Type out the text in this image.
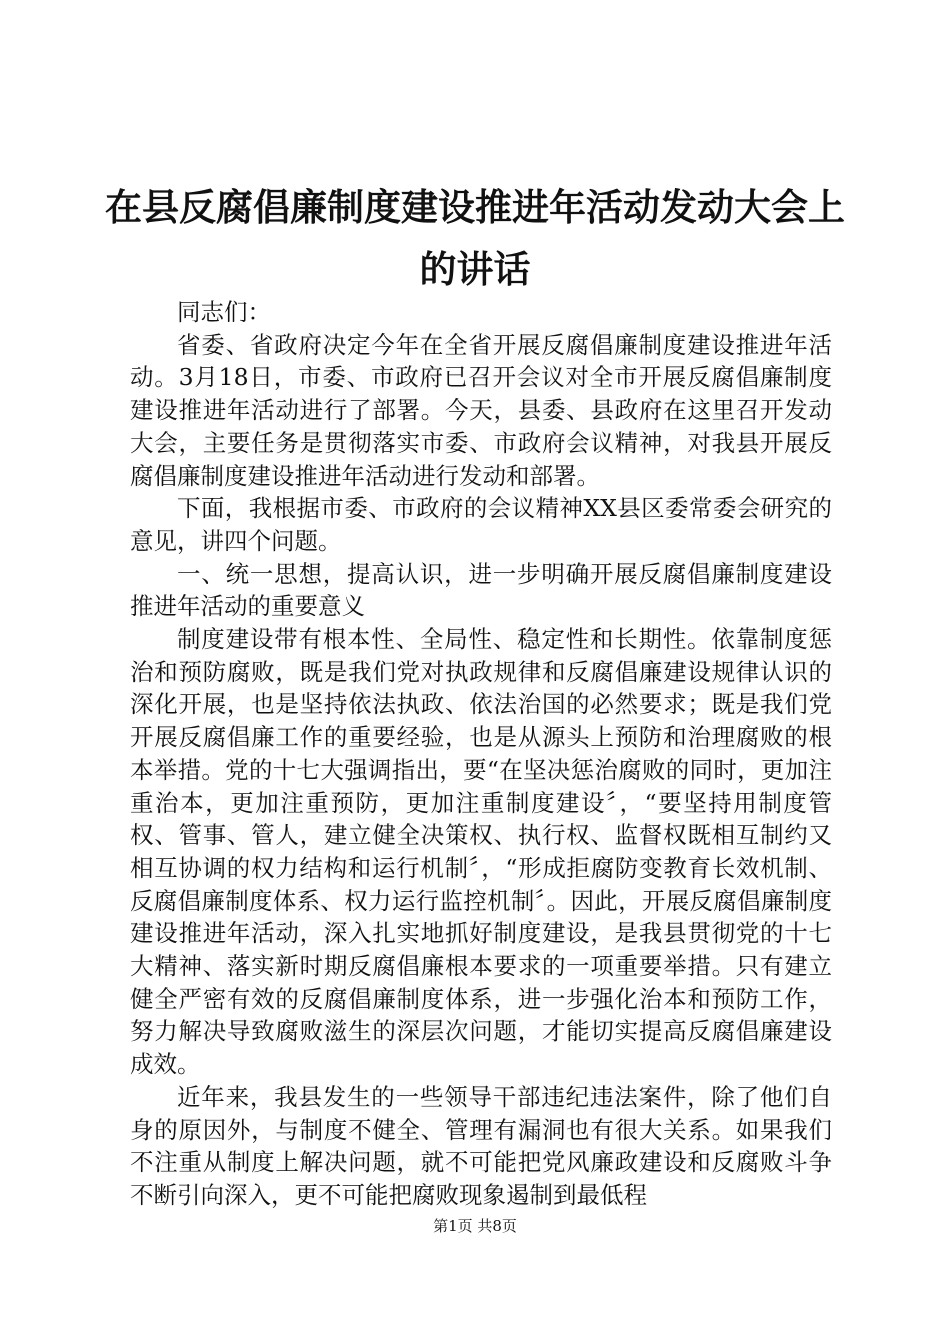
在县反腐倡廉制度建设推进年活动发动大会上
的讲话

同志们：

省委、省政府决定今年在全省开展反腐倡廉制度建设推进年活动。3月18日，市委、市政府已召开会议对全市开展反腐倡廉制度建设推进年活动进行了部署。今天，县委、县政府在这里召开发动大会，主要任务是贯彻落实市委、市政府会议精神，对我县开展反腐倡廉制度建设推进年活动进行发动和部署。

下面，我根据市委、市政府的会议精神XX县区委常委会研究的意见，讲四个问题。

一、统一思想，提高认识，进一步明确开展反腐倡廉制度建设推进年活动的重要意义

制度建设带有根本性、全局性、稳定性和长期性。依靠制度惩治和预防腐败，既是我们党对执政规律和反腐倡廉建设规律认识的深化开展，也是坚持依法执政、依法治国的必然要求；既是我们党开展反腐倡廉工作的重要经验，也是从源头上预防和治理腐败的根本举措。党的十七大强调指出，要“在坚决惩治腐败的同时，更加注重治本，更加注重预防，更加注重制度建设〞，“要坚持用制度管权、管事、管人，建立健全决策权、执行权、监督权既相互制约又相互协调的权力结构和运行机制〞，“形成拒腐防变教育长效机制、反腐倡廉制度体系、权力运行监控机制〞。因此，开展反腐倡廉制度建设推进年活动，深入扎实地抓好制度建设，是我县贯彻党的十七大精神、落实新时期反腐倡廉根本要求的一项重要举措。只有建立健全严密有效的反腐倡廉制度体系，进一步强化治本和预防工作，努力解决导致腐败滋生的深层次问题，才能切实提高反腐倡廉建设成效。

近年来，我县发生的一些领导干部违纪违法案件，除了他们自身的原因外，与制度不健全、管理有漏洞也有很大关系。如果我们不注重从制度上解决问题，就不可能把党风廉政建设和反腐败斗争不断引向深入，更不可能把腐败现象遏制到最低程

第1页 共8页
